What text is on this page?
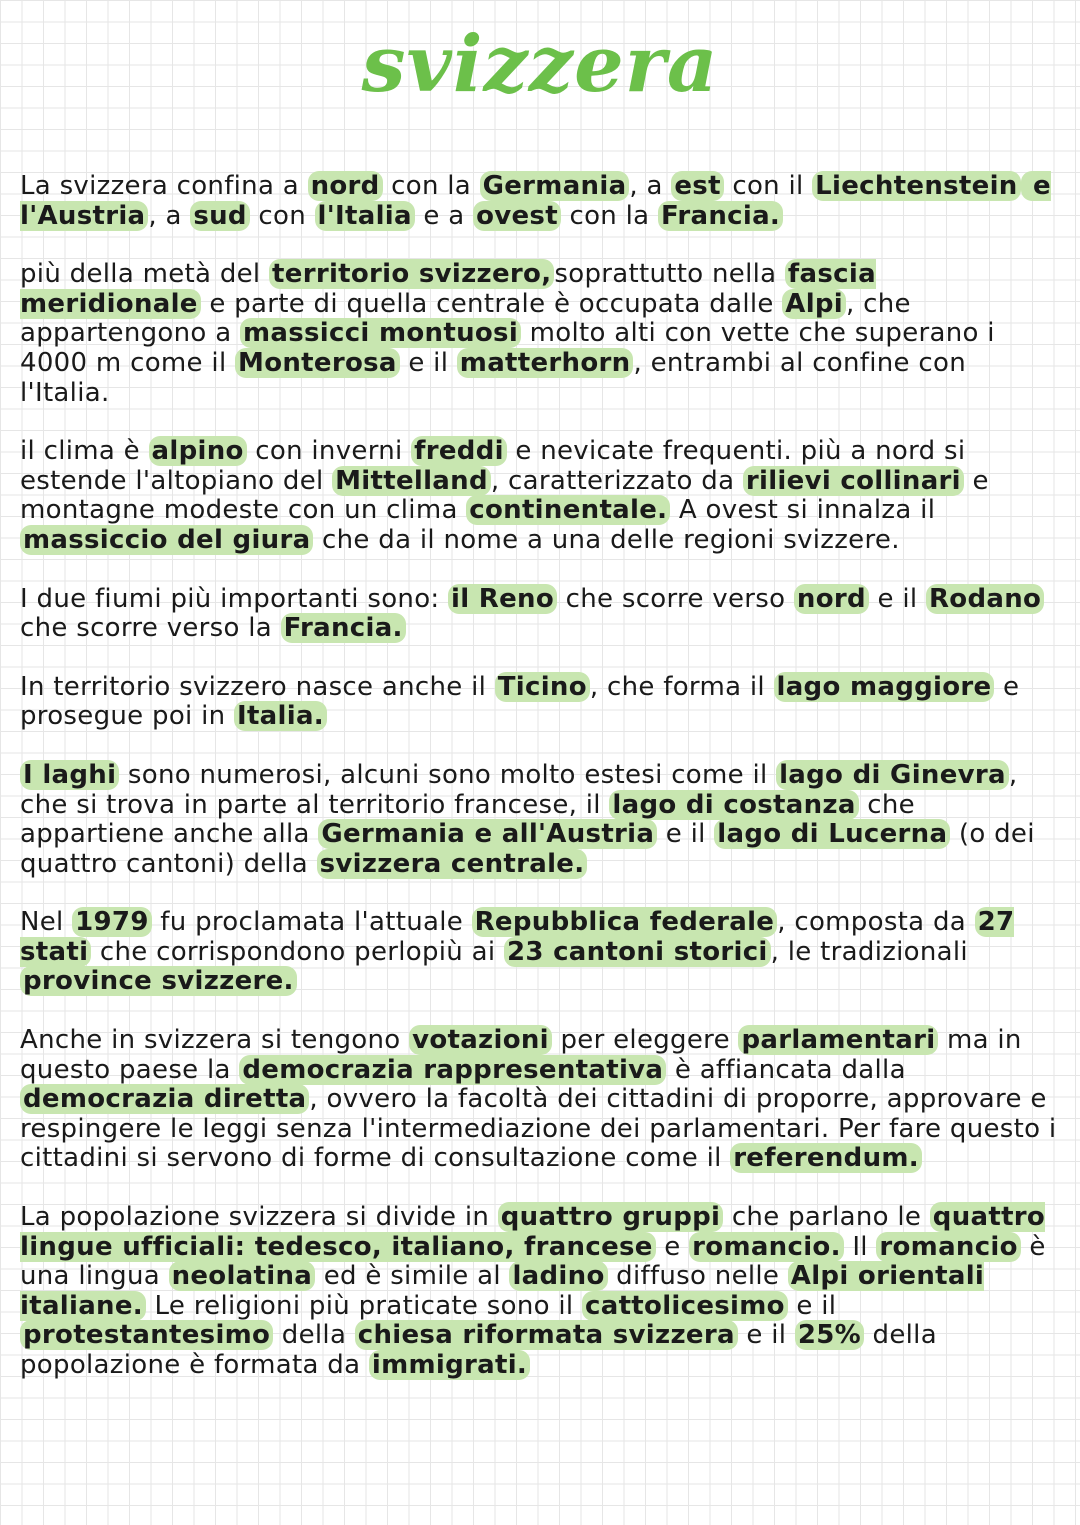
svizzera

La svizzera confina a nord con la Germania , a est con il Liechtenstein e l'Austria , a sud con l'Italia e a ovest con la Francia.

più della metà del territorio svizzero, soprattutto nella fascia meridionale e parte di quella centrale è occupata dalle Alpi , che appartengono a massicci montuosi molto alti con vette che superano i 4000 m come il Monterosa e il matterhorn , entrambi al confine con l'Italia.

il clima è alpino con inverni freddi e nevicate frequenti. più a nord si estende l'altopiano del Mittelland , caratterizzato da rilievi collinari e montagne modeste con un clima continentale. A ovest si innalza il massiccio del giura che da il nome a una delle regioni svizzere.

I due fiumi più importanti sono: il Reno che scorre verso nord e il Rodano che scorre verso la Francia.

In territorio svizzero nasce anche il Ticino , che forma il lago maggiore e prosegue poi in Italia.

I laghi sono numerosi, alcuni sono molto estesi come il lago di Ginevra , che si trova in parte al territorio francese, il lago di costanza che appartiene anche alla Germania e all'Austria e il lago di Lucerna (o dei quattro cantoni) della svizzera centrale.

Nel 1979 fu proclamata l'attuale Repubblica federale , composta da 27 stati che corrispondono perlopiù ai 23 cantoni storici , le tradizionali province svizzere.

Anche in svizzera si tengono votazioni per eleggere parlamentari ma in questo paese la democrazia rappresentativa è affiancata dalla democrazia diretta , ovvero la facoltà dei cittadini di proporre, approvare e respingere le leggi senza l'intermediazione dei parlamentari. Per fare questo i cittadini si servono di forme di consultazione come il referendum.

La popolazione svizzera si divide in quattro gruppi che parlano le quattro lingue ufficiali: tedesco, italiano, francese e romancio. Il romancio è una lingua neolatina ed è simile al ladino diffuso nelle Alpi orientali italiane. Le religioni più praticate sono il cattolicesimo e il protestantesimo della chiesa riformata svizzera e il 25% della popolazione è formata da immigrati.
